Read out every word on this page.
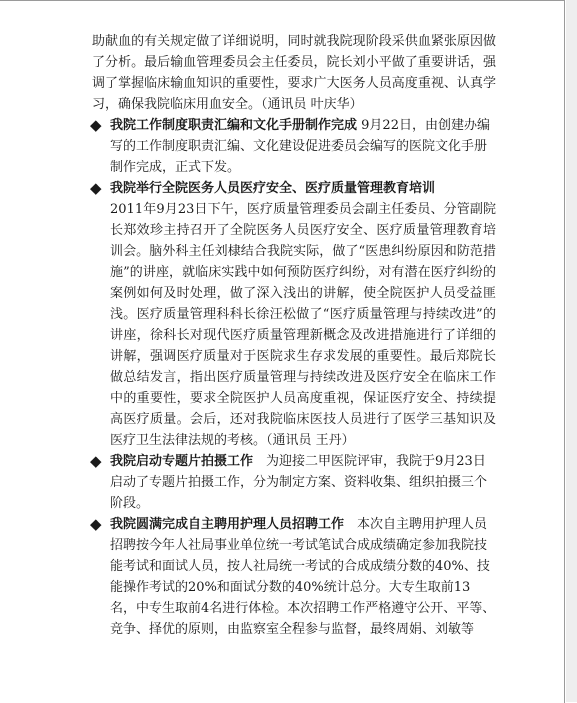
助献血的有关规定做了详细说明，同时就我院现阶段采供血紧张原因做了分析。最后输血管理委员会主任委员，院长刘小平做了重要讲话，强调了掌握临床输血知识的重要性，要求广大医务人员高度重视、认真学习，确保我院临床用血安全。（通讯员 叶庆华）

◆ 我院工作制度职责汇编和文化手册制作完成 9月22日，由创建办编写的工作制度职责汇编、文化建设促进委员会编写的医院文化手册制作完成，正式下发。
◆ 我院举行全院医务人员医疗安全、医疗质量管理教育培训
2011年9月23日下午，医疗质量管理委员会副主任委员、分管副院长郑效珍主持召开了全院医务人员医疗安全、医疗质量管理教育培训会。脑外科主任刘棣结合我院实际，做了“医患纠纷原因和防范措施”的讲座，就临床实践中如何预防医疗纠纷，对有潜在医疗纠纷的案例如何及时处理，做了深入浅出的讲解，使全院医护人员受益匪浅。医疗质量管理科科长徐汪松做了“医疗质量管理与持续改进”的讲座，徐科长对现代医疗质量管理新概念及改进措施进行了详细的讲解，强调医疗质量对于医院求生存求发展的重要性。最后郑院长做总结发言，指出医疗质量管理与持续改进及医疗安全在临床工作中的重要性，要求全院医护人员高度重视，保证医疗安全、持续提高医疗质量。会后，还对我院临床医技人员进行了医学三基知识及医疗卫生法律法规的考核。（通讯员 王丹）
◆ 我院启动专题片拍摄工作　为迎接二甲医院评审，我院于9月23日启动了专题片拍摄工作，分为制定方案、资料收集、组织拍摄三个阶段。
◆ 我院圆满完成自主聘用护理人员招聘工作　本次自主聘用护理人员招聘按今年人社局事业单位统一考试笔试合成成绩确定参加我院技能考试和面试人员，按人社局统一考试的合成成绩分数的40%、技能操作考试的20%和面试分数的40%统计总分。大专生取前13名，中专生取前4名进行体检。本次招聘工作严格遵守公开、平等、竞争、择优的原则，由监察室全程参与监督，最终周娟、刘敏等
